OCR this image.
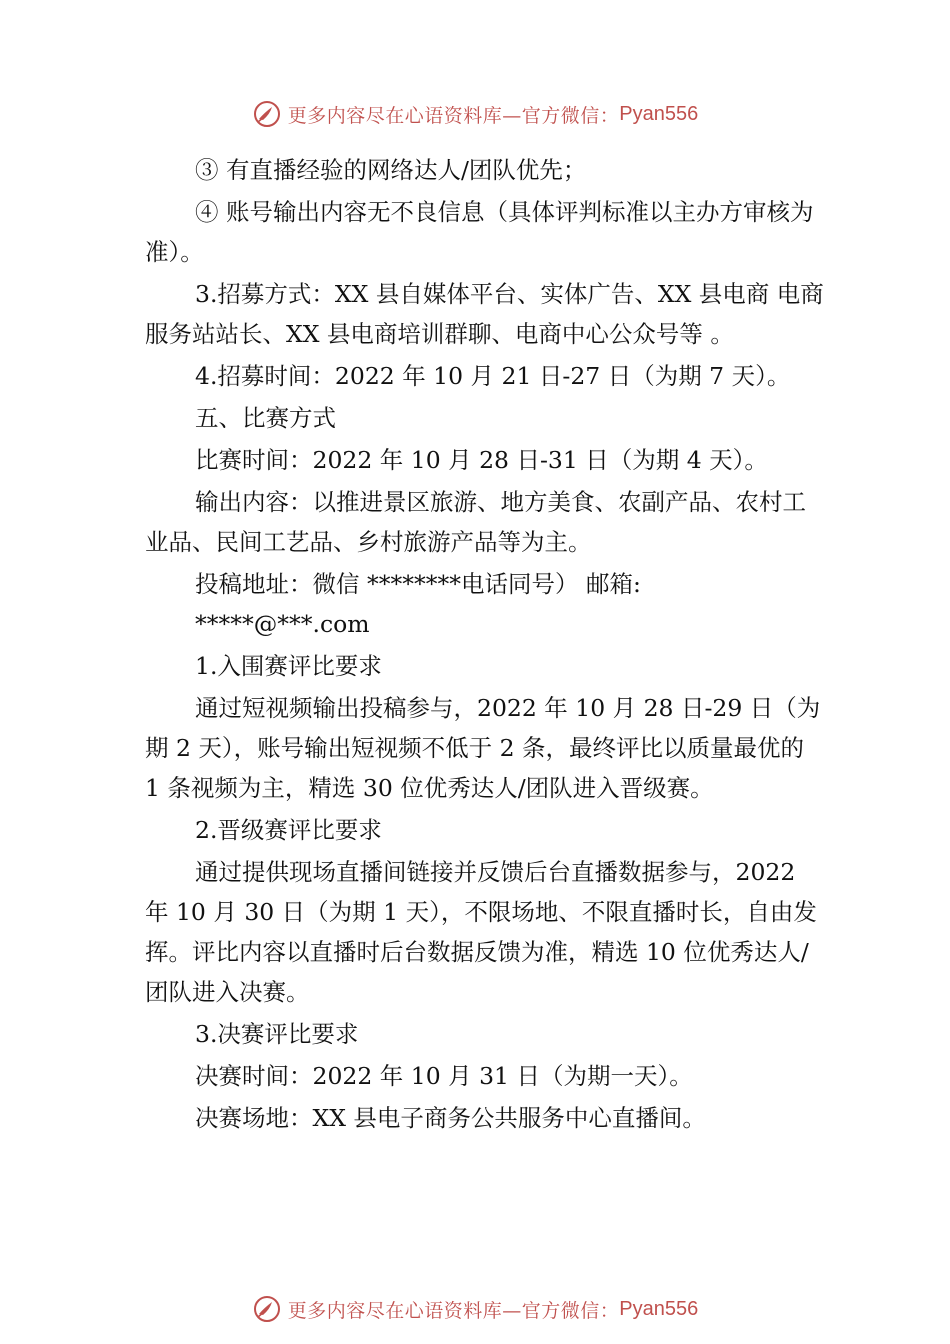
更多内容尽在心语资料库—官方微信： Pyan556

③ 有直播经验的网络达人/团队优先；

④ 账号输出内容无不良信息（具体评判标准以主办方审核为准）。

3.招募方式：XX 县自媒体平台、实体广告、XX 县电商 电商服务站站长、XX 县电商培训群聊、电商中心公众号等 。

4.招募时间：2022 年 10 月 21 日-27 日（为期 7 天）。

五、比赛方式

比赛时间：2022 年 10 月 28 日-31 日（为期 4 天）。

输出内容：以推进景区旅游、地方美食、农副产品、农村工业品、民间工艺品、乡村旅游产品等为主。

投稿地址：微信 ********电话同号） 邮箱:

*****@***.com

1.入围赛评比要求

通过短视频输出投稿参与，2022 年 10 月 28 日-29 日（为期 2 天），账号输出短视频不低于 2 条，最终评比以质量最优的 1 条视频为主，精选 30 位优秀达人/团队进入晋级赛。

2.晋级赛评比要求

通过提供现场直播间链接并反馈后台直播数据参与，2022 年 10 月 30 日（为期 1 天），不限场地、不限直播时长，自由发挥。评比内容以直播时后台数据反馈为准，精选 10 位优秀达人/团队进入决赛。

3.决赛评比要求

决赛时间：2022 年 10 月 31 日（为期一天）。

决赛场地：XX 县电子商务公共服务中心直播间。

更多内容尽在心语资料库—官方微信： Pyan556
